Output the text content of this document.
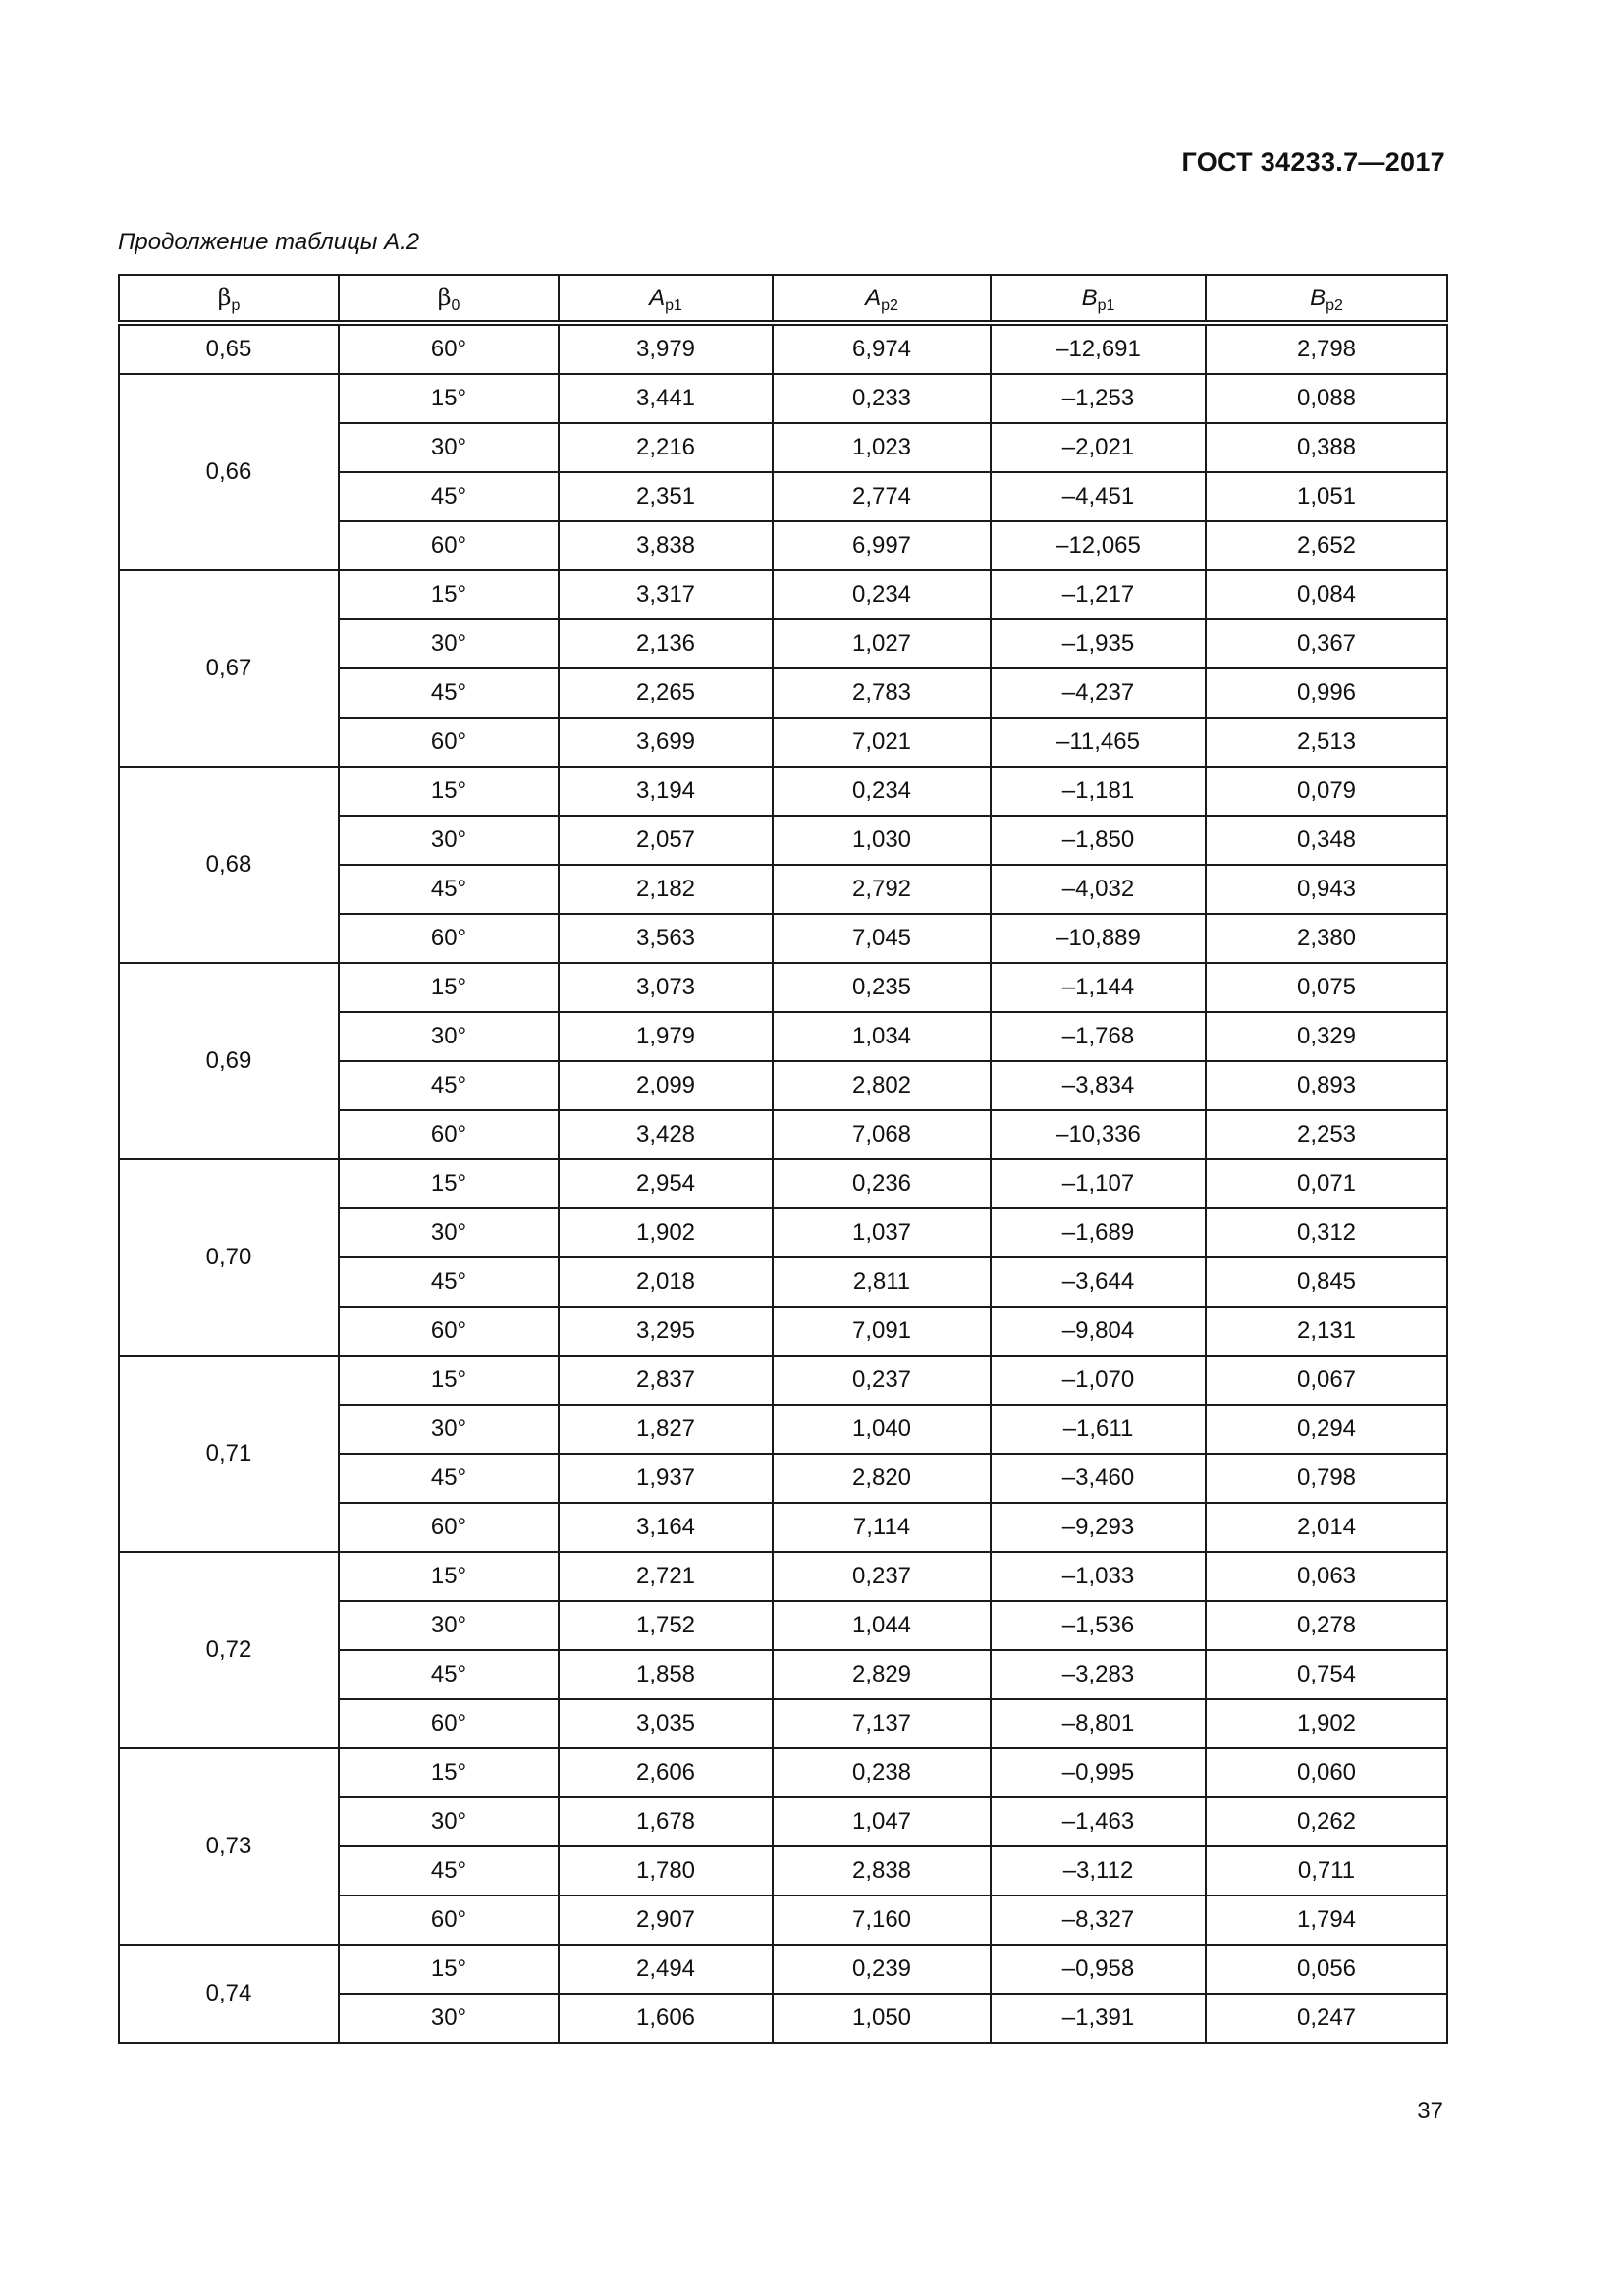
ГОСТ 34233.7—2017
Продолжение таблицы А.2
$\beta_p$	$\beta_0$	$A_{p1}$	$A_{p2}$	$B_{p1}$	$B_{p2}$
0,65	60°	3,979	6,974	–12,691	2,798
0,66	15°	3,441	0,233	–1,253	0,088
	30°	2,216	1,023	–2,021	0,388
	45°	2,351	2,774	–4,451	1,051
	60°	3,838	6,997	–12,065	2,652
0,67	15°	3,317	0,234	–1,217	0,084
	30°	2,136	1,027	–1,935	0,367
	45°	2,265	2,783	–4,237	0,996
	60°	3,699	7,021	–11,465	2,513
0,68	15°	3,194	0,234	–1,181	0,079
	30°	2,057	1,030	–1,850	0,348
	45°	2,182	2,792	–4,032	0,943
	60°	3,563	7,045	–10,889	2,380
0,69	15°	3,073	0,235	–1,144	0,075
	30°	1,979	1,034	–1,768	0,329
	45°	2,099	2,802	–3,834	0,893
	60°	3,428	7,068	–10,336	2,253
0,70	15°	2,954	0,236	–1,107	0,071
	30°	1,902	1,037	–1,689	0,312
	45°	2,018	2,811	–3,644	0,845
	60°	3,295	7,091	–9,804	2,131
0,71	15°	2,837	0,237	–1,070	0,067
	30°	1,827	1,040	–1,611	0,294
	45°	1,937	2,820	–3,460	0,798
	60°	3,164	7,114	–9,293	2,014
0,72	15°	2,721	0,237	–1,033	0,063
	30°	1,752	1,044	–1,536	0,278
	45°	1,858	2,829	–3,283	0,754
	60°	3,035	7,137	–8,801	1,902
0,73	15°	2,606	0,238	–0,995	0,060
	30°	1,678	1,047	–1,463	0,262
	45°	1,780	2,838	–3,112	0,711
	60°	2,907	7,160	–8,327	1,794
0,74	15°	2,494	0,239	–0,958	0,056
	30°	1,606	1,050	–1,391	0,247
37
